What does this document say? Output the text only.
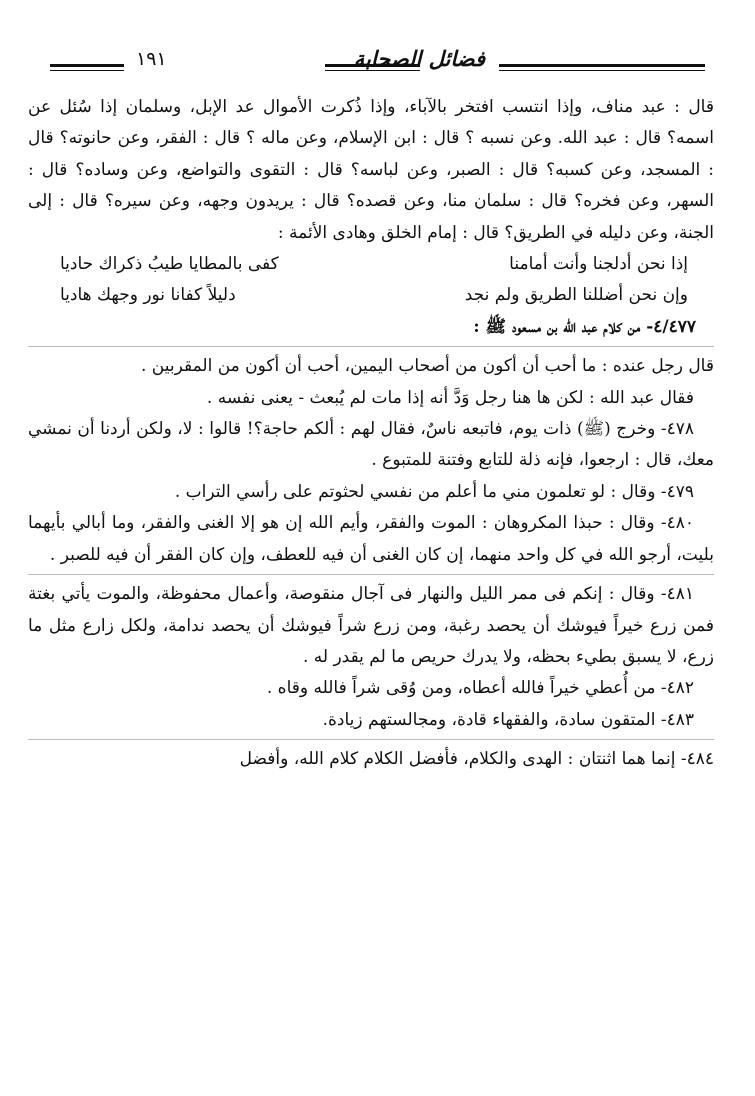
فضائل الصحابة
١٩١

قال : عبد مناف، وإذا انتسب افتخر بالآباء، وإذا ذُكرت الأموال عد الإبل، وسلمان إذا سُئل عن اسمه؟ قال : عبد الله. وعن نسبه ؟ قال : ابن الإسلام، وعن ماله ؟ قال : الفقر، وعن حانوته؟ قال : المسجد، وعن كسبه؟ قال : الصبر، وعن لباسه؟ قال : التقوى والتواضع، وعن وساده؟ قال : السهر، وعن فخره؟ قال : سلمان منا، وعن قصده؟ قال : يريدون وجهه، وعن سيره؟ قال : إلى الجنة، وعن دليله في الطريق؟ قال : إمام الخلق وهادى الأئمة :

إذا نحن أدلجنا وأنت أمامنا
كفى بالمطايا طيبُ ذكراك حاديا
وإن نحن أضللنا الطريق ولم نجد
دليلاً كفانا نور وجهك هاديا
٤/٤٧٧- من كلام عبد الله بن مسعود ﷺ :

قال رجل عنده : ما أحب أن أكون من أصحاب اليمين، أحب أن أكون من المقربين .

فقال عبد الله : لكن ها هنا رجل وَدَّ أنه إذا مات لم يُبعث - يعنى نفسه .

٤٧٨- وخرج (ﷺ) ذات يوم، فاتبعه ناسٌ، فقال لهم : ألكم حاجة؟! قالوا : لا، ولكن أردنا أن نمشي معك، قال : ارجعوا، فإنه ذلة للتابع وفتنة للمتبوع .

٤٧٩- وقال : لو تعلمون مني ما أعلم من نفسي لحثوتم على رأسي التراب .

٤٨٠- وقال : حبذا المكروهان : الموت والفقر، وأيم الله إن هو إلا الغنى والفقر، وما أبالي بأيهما بليت، أرجو الله في كل واحد منهما، إن كان الغنى أن فيه للعطف، وإن كان الفقر أن فيه للصبر .

٤٨١- وقال : إنكم فى ممر الليل والنهار فى آجال منقوصة، وأعمال محفوظة، والموت يأتي بغتة فمن زرع خيراً فيوشك أن يحصد رغبة، ومن زرع شراً فيوشك أن يحصد ندامة، ولكل زارع مثل ما زرع، لا يسبق بطيء بحظه، ولا يدرك حريص ما لم يقدر له .

٤٨٢- من أُعطي خيراً فالله أعطاه، ومن وُقى شراً فالله وقاه .

٤٨٣- المتقون سادة، والفقهاء قادة، ومجالستهم زيادة.

٤٨٤- إنما هما اثنتان : الهدى والكلام، فأفضل الكلام كلام الله، وأفضل
